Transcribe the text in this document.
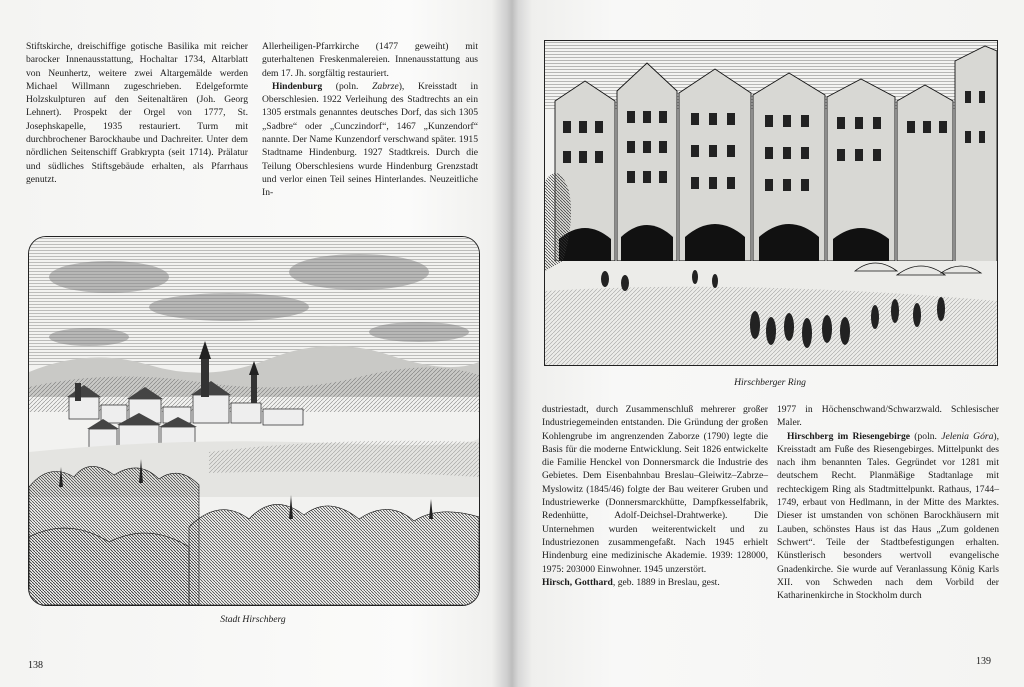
Stiftskirche, dreischiffige gotische Basilika mit reicher barocker Innenausstattung, Hochaltar 1734, Altarblatt von Neunhertz, weitere zwei Altargemälde werden Michael Willmann zugeschrieben. Edelgeformte Holzskulpturen auf den Seitenaltären (Joh. Georg Lehnert). Prospekt der Orgel von 1777, St. Josephskapelle, 1935 restauriert. Turm mit durchbrochener Barockhaube und Dachreiter. Unter dem nördlichen Seitenschiff Grabkrypta (seit 1714). Prälatur und südliches Stiftsgebäude erhalten, als Pfarrhaus genutzt.

Allerheiligen-Pfarrkirche (1477 geweiht) mit guterhaltenen Freskenmalereien. Innenausstattung aus dem 17. Jh. sorgfältig restauriert.

Hindenburg (poln. Zabrze), Kreisstadt in Oberschlesien. 1922 Verleihung des Stadtrechts an ein 1305 erstmals genanntes deutsches Dorf, das sich 1305 „Sadbre“ oder „Cunczindorf“, 1467 „Kunzendorf“ nannte. Der Name Kunzendorf verschwand später. 1915 Stadtname Hindenburg. 1927 Stadtkreis. Durch die Teilung Oberschlesiens wurde Hindenburg Grenzstadt und verlor einen Teil seines Hinterlandes. Neuzeitliche In-

Stadt Hirschberg
138
Hirschberger Ring

dustriestadt, durch Zusammenschluß mehrerer großer Industriegemeinden entstanden. Die Gründung der großen Kohlengrube im angrenzenden Zaborze (1790) legte die Basis für die moderne Entwicklung. Seit 1826 entwickelte die Familie Henckel von Donnersmarck die Industrie des Gebietes. Dem Eisenbahnbau Breslau–Gleiwitz–Zabrze–Myslowitz (1845/46) folgte der Bau weiterer Gruben und Industriewerke (Donnersmarckhütte, Dampfkesselfabrik, Redenhütte, Adolf-Deichsel-Drahtwerke). Die Unternehmen wurden weiterentwickelt und zu Industriezonen zusammengefaßt. Nach 1945 erhielt Hindenburg eine medizinische Akademie. 1939: 128000, 1975: 203000 Einwohner. 1945 unzerstört.

Hirsch, Gotthard, geb. 1889 in Breslau, gest.

1977 in Höchenschwand/Schwarzwald. Schlesischer Maler.

Hirschberg im Riesengebirge (poln. Jelenia Góra), Kreisstadt am Fuße des Riesengebirges. Mittelpunkt des nach ihm benannten Tales. Gegründet vor 1281 mit deutschem Recht. Planmäßige Stadtanlage mit rechteckigem Ring als Stadtmittelpunkt. Rathaus, 1744–1749, erbaut von Hedlmann, in der Mitte des Marktes. Dieser ist umstanden von schönen Barockhäusern mit Lauben, schönstes Haus ist das Haus „Zum goldenen Schwert“. Teile der Stadtbefestigungen erhalten. Künstlerisch besonders wertvoll evangelische Gnadenkirche. Sie wurde auf Veranlassung König Karls XII. von Schweden nach dem Vorbild der Katharinenkirche in Stockholm durch

139
